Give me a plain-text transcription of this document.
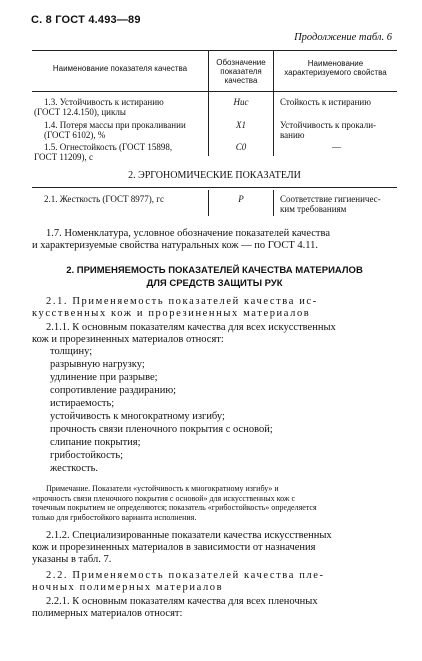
С. 8 ГОСТ 4.493—89
Продолжение табл. 6
Наименование показателя качества
Обозначение показателя качества
Наименование характеризуемого свойства
1.3. Устойчивость к истиранию
(ГОСТ 12.4.150), циклы
Hис	Стойкость к истиранию
1.4. Потеря массы при прокаливании (ГОСТ 6102), %
X1	Устойчивость к прокали-
ванию
1.5. Огнестойкость (ГОСТ 15898,
ГОСТ 11209), с
C0	—
2. ЭРГОНОМИЧЕСКИЕ ПОКАЗАТЕЛИ
2.1. Жесткость (ГОСТ 8977), гс	P	Соответствие гигиеничес-
ким требованиям
1.7. Номенклатура, условное обозначение показателей качества
и характеризуемые свойства натуральных кож — по ГОСТ 4.11.
2. ПРИМЕНЯЕМОСТЬ ПОКАЗАТЕЛЕЙ КАЧЕСТВА МАТЕРИАЛОВ
ДЛЯ СРЕДСТВ ЗАЩИТЫ РУК
2.1. Применяемость показателей качества ис-
кусственных кож и прорезиненных материалов
2.1.1. К основным показателям качества для всех искусственных
кож и прорезиненных материалов относят:
толщину;
разрывную нагрузку;
удлинение при разрыве;
сопротивление раздиранию;
истираемость;
устойчивость к многократному изгибу;
прочность связи пленочного покрытия с основой;
слипание покрытия;
грибостойкость;
жесткость.
Примечание. Показатели «устойчивость к многократному изгибу» и
«прочность связи пленочного покрытия с основой» для искусственных кож с
точечным покрытием не определяются; показатель «грибостойкость» определяется
только для грибостойкого варианта исполнения.
2.1.2. Специализированные показатели качества искусственных
кож и прорезиненных материалов в зависимости от назначения
указаны в табл. 7.
2.2. Применяемость показателей качества пле-
ночных полимерных материалов
2.2.1. К основным показателям качества для всех пленочных
полимерных материалов относят:
